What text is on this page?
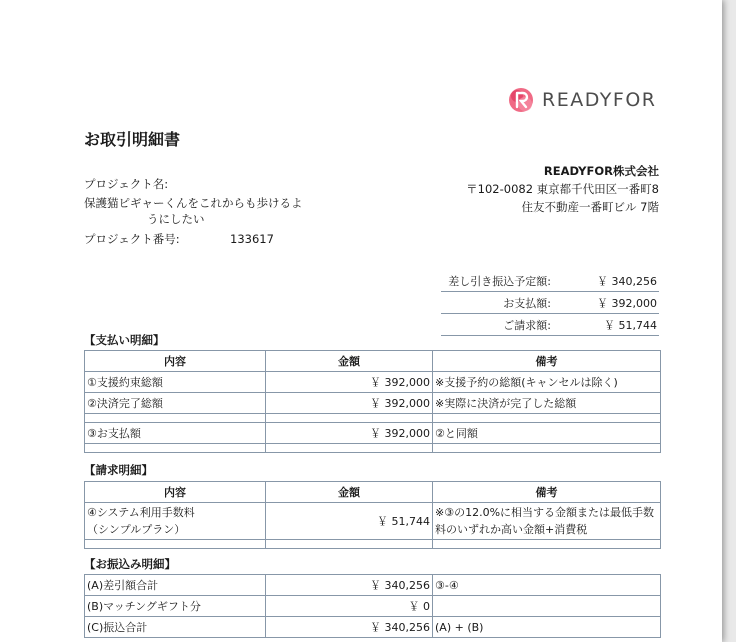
READYFOR
お取引明細書
プロジェクト名:
保護猫ピギャーくんをこれからも歩けるよ
うにしたい
プロジェクト番号:	133617
READYFOR株式会社
〒102-0082 東京都千代田区一番町8
住友不動産一番町ビル 7階
差し引き振込予定額:	￥ 340,256
お支払額:	￥ 392,000
ご請求額:	￥ 51,744
【支払い明細】
内容	金額	備考
①支援約束総額	￥ 392,000	※支援予約の総額(キャンセルは除く)
②決済完了総額	￥ 392,000	※実際に決済が完了した総額

③お支払額	￥ 392,000	②と同額

【請求明細】
内容	金額	備考

④システム利用手数料
（シンプルプラン）	￥ 51,744	※③の12.0%に相当する金額または最低手数料のいずれか高い金額+消費税

【お振込み明細】
(A)差引額合計	￥ 340,256	③-④
(B)マッチングギフト分	￥ 0	
(C)振込合計	￥ 340,256	(A) + (B)
